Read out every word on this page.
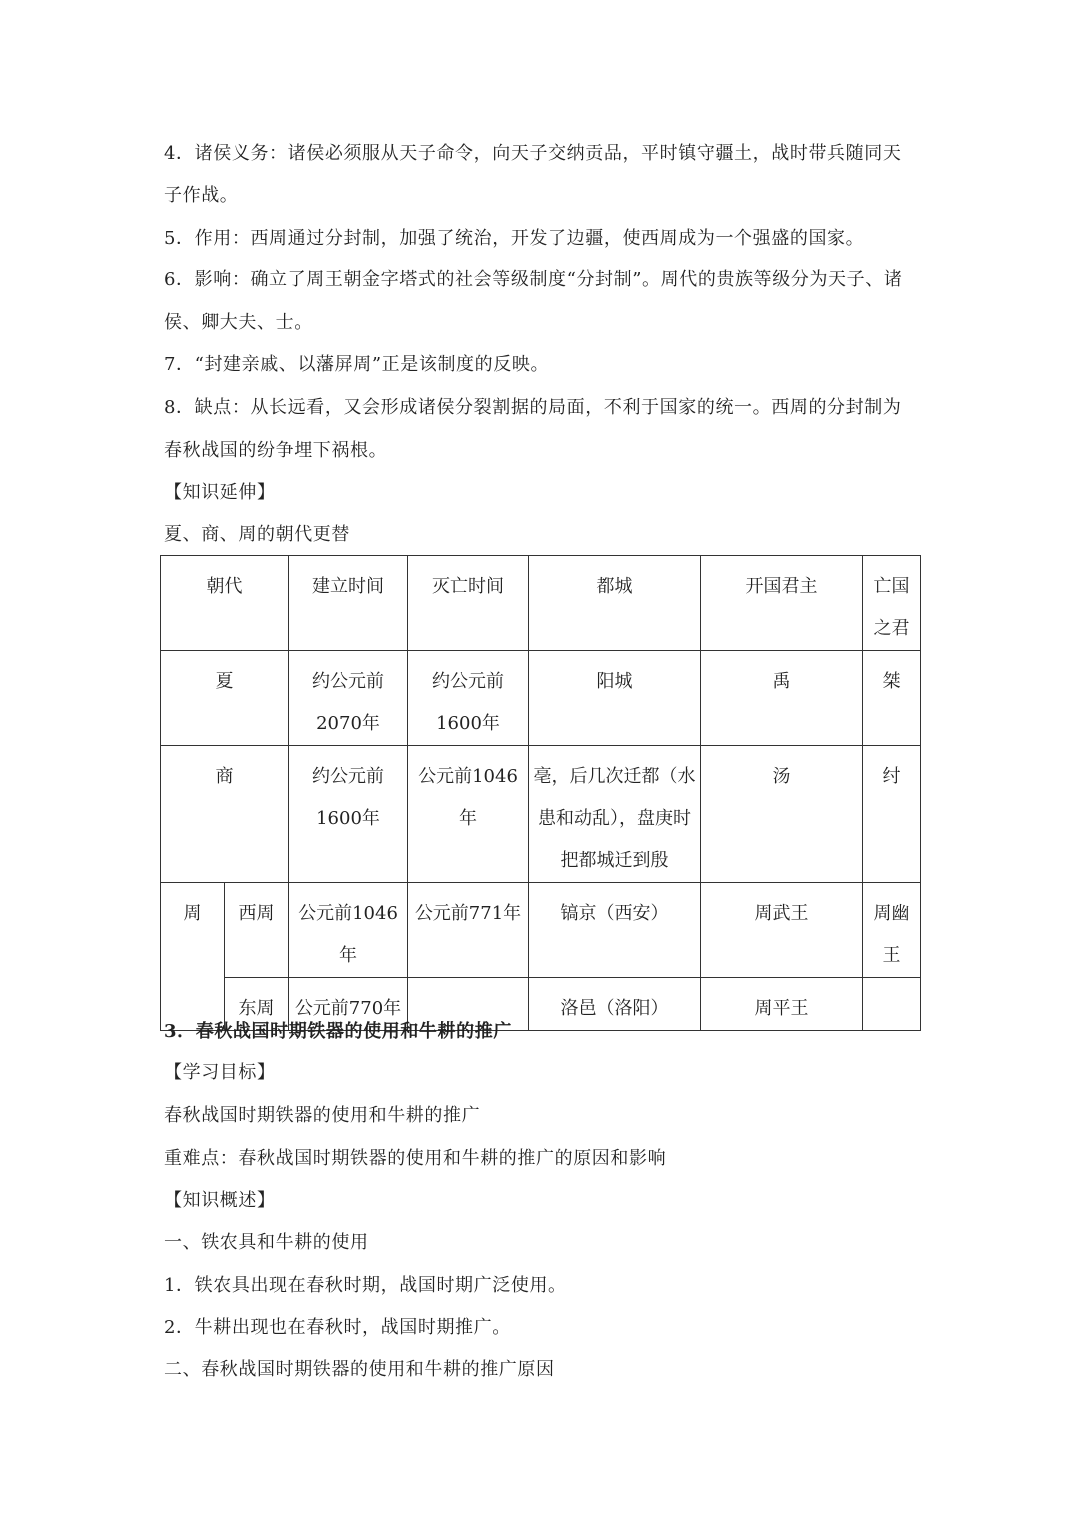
4．诸侯义务：诸侯必须服从天子命令，向天子交纳贡品，平时镇守疆土，战时带兵随同天
子作战。
5．作用：西周通过分封制，加强了统治，开发了边疆，使西周成为一个强盛的国家。
6．影响：确立了周王朝金字塔式的社会等级制度“分封制”。周代的贵族等级分为天子、诸
侯、卿大夫、士。
7．“封建亲戚、以藩屏周”正是该制度的反映。
8．缺点：从长远看，又会形成诸侯分裂割据的局面，不利于国家的统一。西周的分封制为
春秋战国的纷争埋下祸根。
【知识延伸】
夏、商、周的朝代更替
朝代		建立时间	灭亡时间	都城	开国君主	亡国之君
夏		约公元前2070年	约公元前1600年	阳城	禹	桀
商		约公元前1600年	公元前1046年	亳，后几次迁都（水患和动乱），盘庚时把都城迁到殷	汤	纣
周	西周	公元前1046年	公元前771年	镐京（西安）	周武王	周幽王
	东周	公元前770年		洛邑（洛阳）	周平王	
3．春秋战国时期铁器的使用和牛耕的推广
【学习目标】
春秋战国时期铁器的使用和牛耕的推广
重难点：春秋战国时期铁器的使用和牛耕的推广的原因和影响
【知识概述】
一、铁农具和牛耕的使用
1．铁农具出现在春秋时期，战国时期广泛使用。
2．牛耕出现也在春秋时，战国时期推广。
二、春秋战国时期铁器的使用和牛耕的推广原因
